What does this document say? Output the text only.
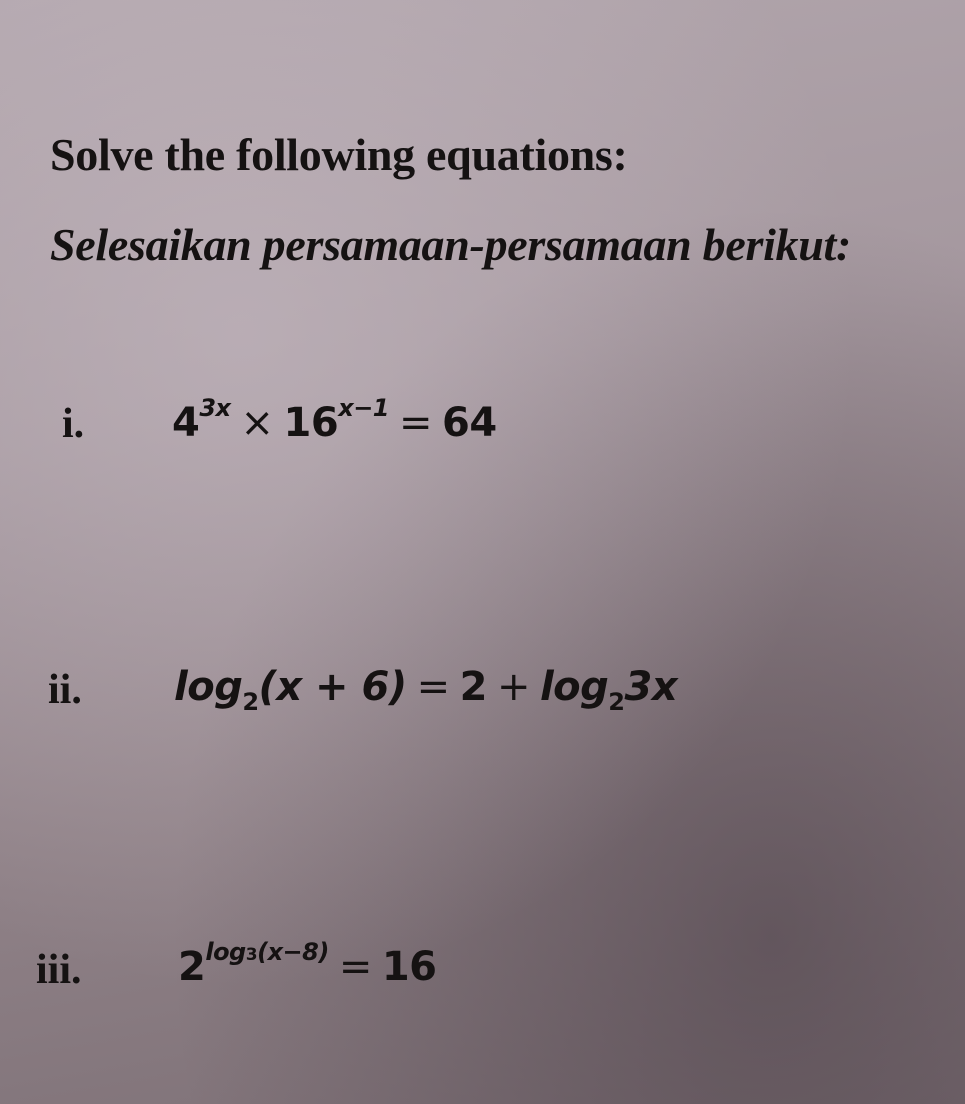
Solve the following equations:
Selesaikan persamaan-persamaan berikut:
i. $4^{3x} \times 16^{x-1} = 64$
ii. $\log_2(x + 6) = 2 + \log_23x$
iii. $2^{log3(x-8)} = 16$
